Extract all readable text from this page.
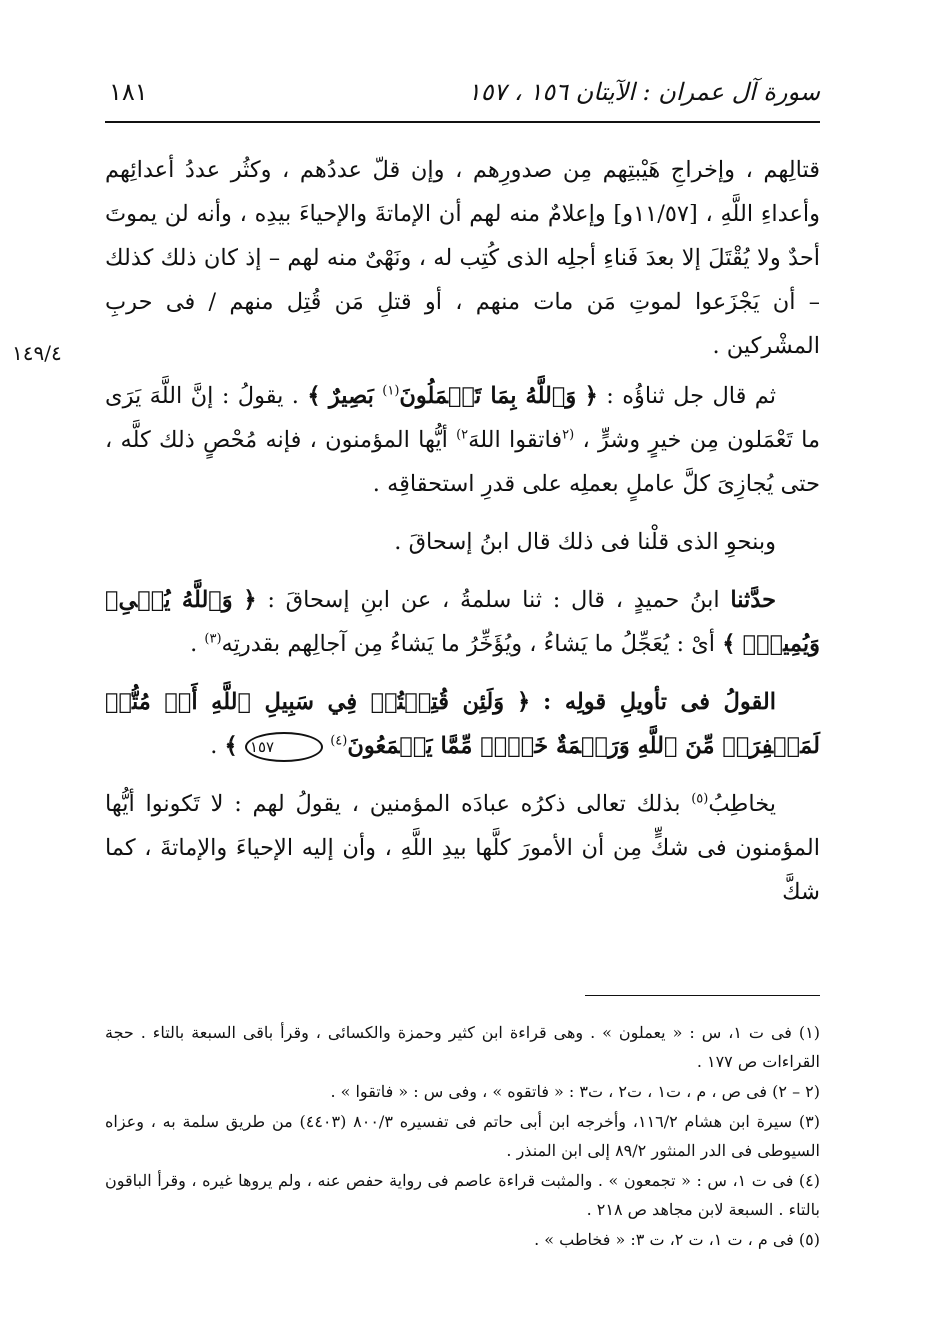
سورة آل عمران : الآيتان ١٥٦ ، ١٥٧
١٨١
١٤٩/٤

قتالِهم ، وإخراجِ هَيْبتِهم مِن صدورِهم ، وإن قلّ عددُهم ، وكثُر عددُ أعدائِهم وأعداءِ اللَّهِ ، [١١/٥٧و] وإعلامٌ منه لهم أن الإماتةَ والإحياءَ بيدِه ، وأنه لن يموتَ أحدٌ ولا يُقْتَلَ إلا بعدَ فَناءِ أجلِه الذى كُتِب له ، ونَهْىٌ منه لهم – إذ كان ذلك كذلك – أن يَجْزَعوا لموتِ مَن مات منهم ، أو قتلِ مَن قُتِل منهم / فى حربِ المشْركين .

ثم قال جل ثناؤُه : ﴿ وَٱللَّهُ بِمَا تَعۡمَلُونَ$^{(١)}$ بَصِيرٌ ﴾ . يقولُ : إنَّ اللَّهَ يَرَى ما تَعْمَلون مِن خيرٍ وشرٍّ ، $^{(٢}$فاتقوا اللهَ$^{٢)}$ أيُّها المؤمنون ، فإنه مُحْصٍ ذلك كلَّه ، حتى يُجازِىَ كلَّ عاملٍ بعملِه على قدرِ استحقاقِه .

وبنحوِ الذى قلْنا فى ذلك قال ابنُ إسحاقَ .

حدَّثنا ابنُ حميدٍ ، قال : ثنا سلمةُ ، عن ابنِ إسحاقَ : ﴿ وَٱللَّهُ يُحۡىِۦ وَيُمِيتُۗ ﴾ أىْ : يُعَجِّلُ ما يَشاءُ ، ويُؤَخِّرُ ما يَشاءُ مِن آجالِهم بقدرتِه$^{(٣)}$ .

القولُ فى تأويلِ قولِه : ﴿ وَلَئِن قُتِلۡتُمۡ فِي سَبِيلِ ٱللَّهِ أَوۡ مُتُّمۡ لَمَغۡفِرَةٞ مِّنَ ٱللَّهِ وَرَحۡمَةٌ خَيۡرٞ مِّمَّا يَجۡمَعُونَ$^{(٤)}$ ١٥٧ ﴾ .

يخاطِبُ$^{(٥)}$ بذلك تعالى ذكرُه عبادَه المؤمنين ، يقولُ لهم : لا تَكونوا أيُّها المؤمنون فى شكٍّ مِن أن الأمورَ كلَّها بيدِ اللَّهِ ، وأن إليه الإحياءَ والإماتةَ ، كما شكَّ

(١) فى ت ١، س : « يعملون » . وهى قراءة ابن كثير وحمزة والكسائى ، وقرأ باقى السبعة بالتاء . حجة القراءات ص ١٧٧ .

(٢ – ٢) فى ص ، م ، ت١ ، ت٢ ، ت٣ : « فاتقوه » ، وفى س : « فاتقوا » .

(٣) سيرة ابن هشام ١١٦/٢، وأخرجه ابن أبى حاتم فى تفسيره ٨٠٠/٣ (٤٤٠٣) من طريق سلمة به ، وعزاه السيوطى فى الدر المنثور ٨٩/٢ إلى ابن المنذر .

(٤) فى ت ١، س : « تجمعون » . والمثبت قراءة عاصم فى رواية حفص عنه ، ولم يروها غيره ، وقرأ الباقون بالتاء . السبعة لابن مجاهد ص ٢١٨ .

(٥) فى م ، ت ١، ت ٢، ت ٣: « فخاطب » .
